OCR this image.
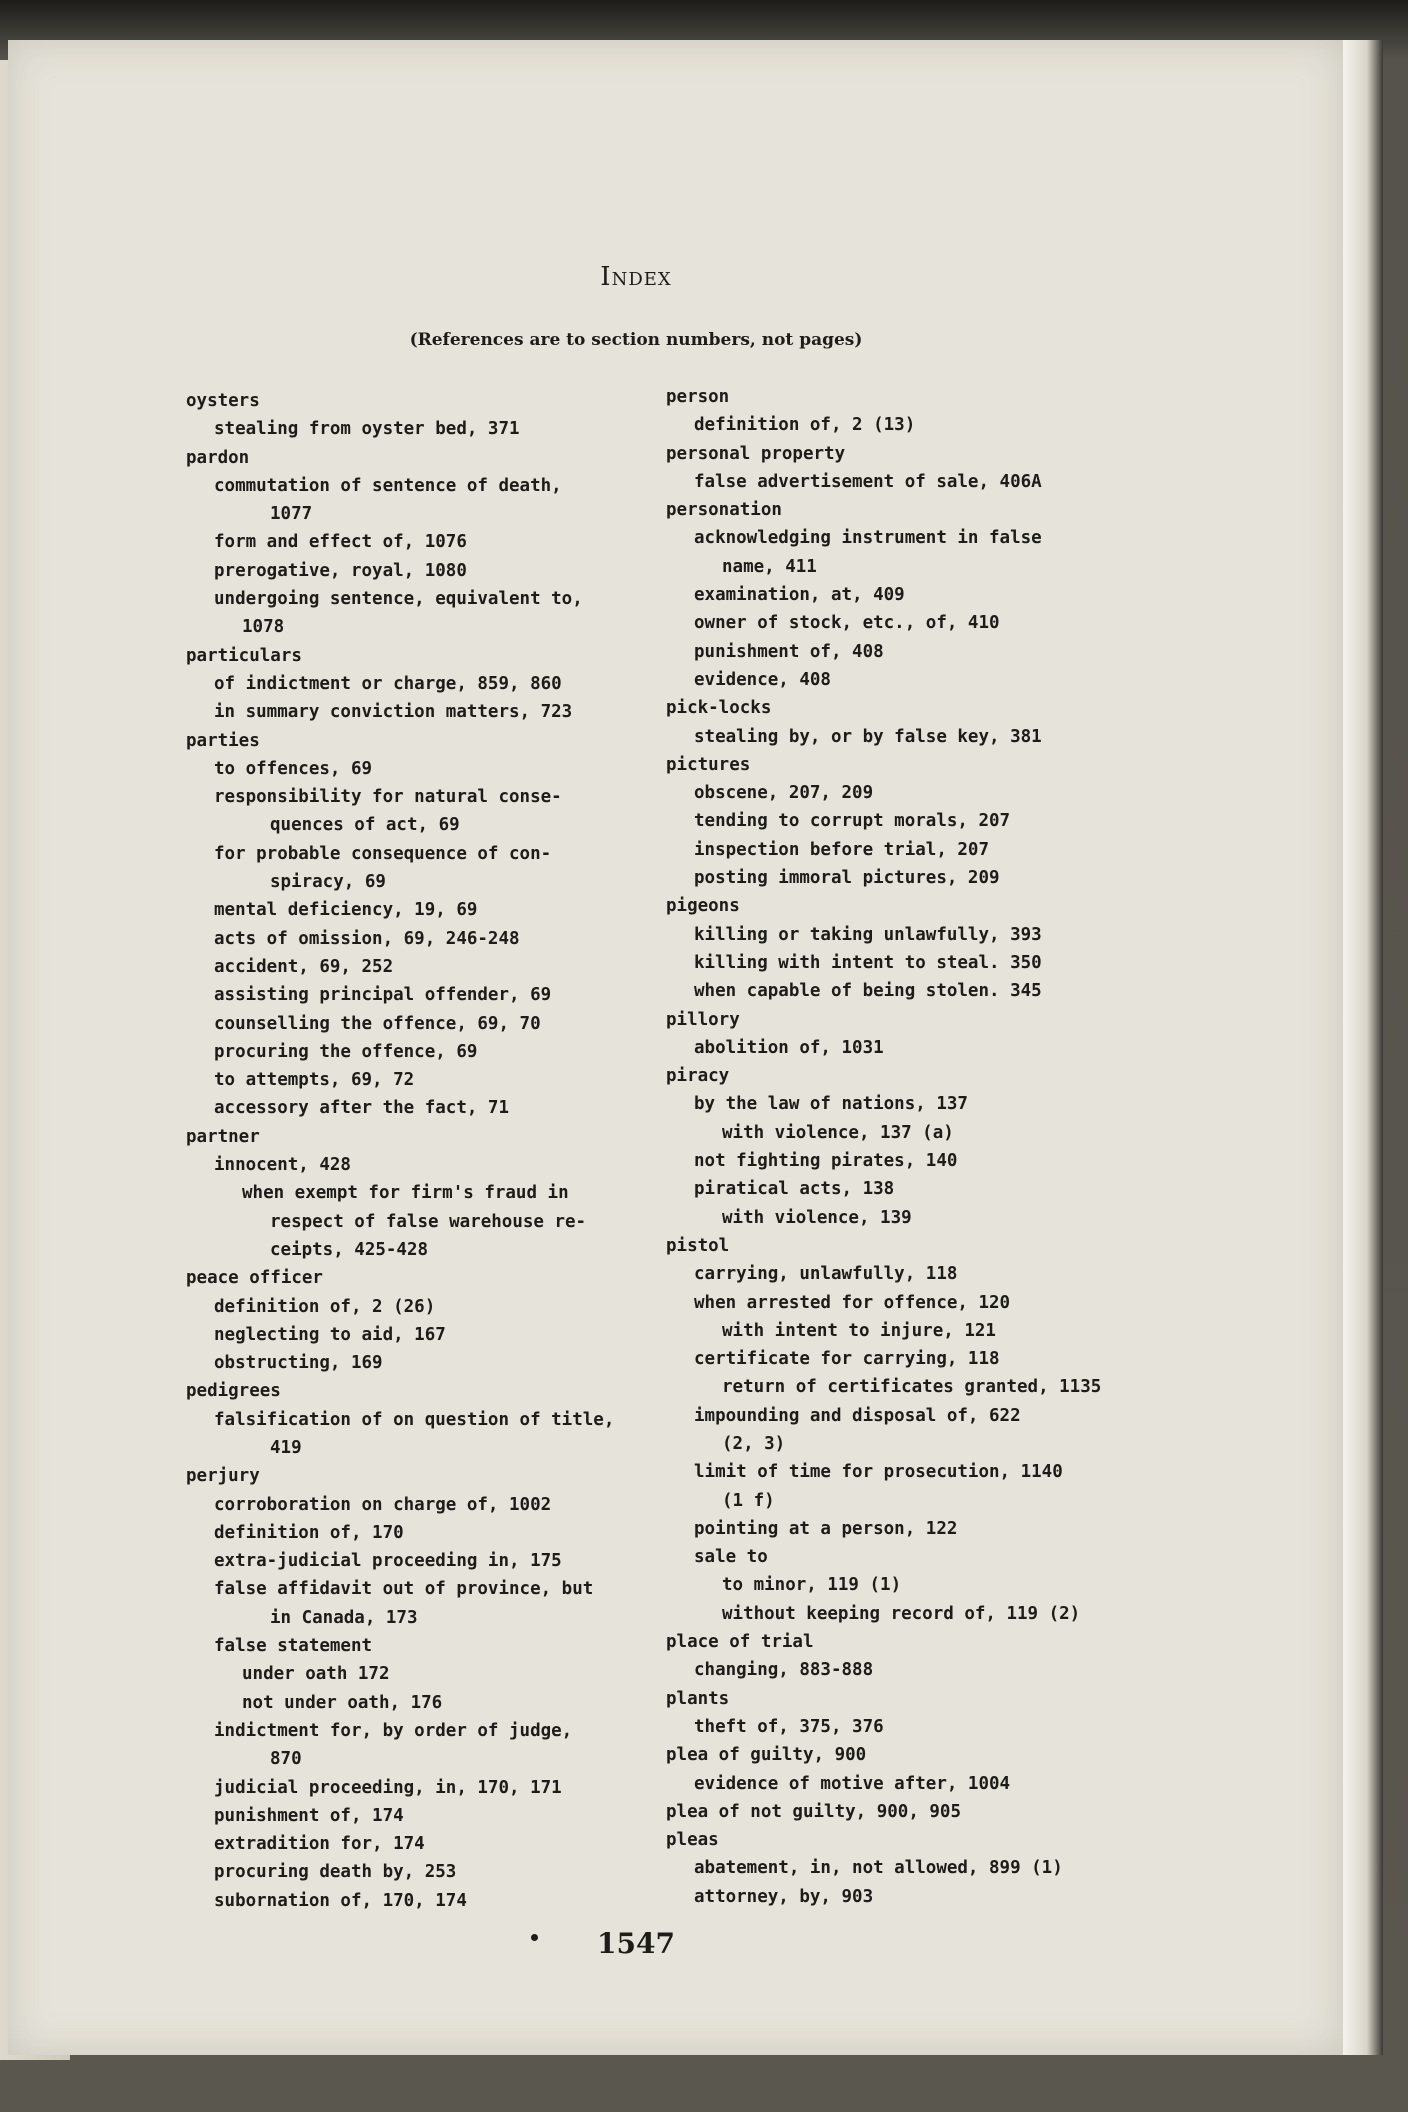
Index
(References are to section numbers, not pages)
oysters
stealing from oyster bed, 371
pardon
commutation of sentence of death,
1077
form and effect of, 1076
prerogative, royal, 1080
undergoing sentence, equivalent to,
1078
particulars
of indictment or charge, 859, 860
in summary conviction matters, 723
parties
to offences, 69
responsibility for natural conse-
quences of act, 69
for probable consequence of con-
spiracy, 69
mental deficiency, 19, 69
acts of omission, 69, 246-248
accident, 69, 252
assisting principal offender, 69
counselling the offence, 69, 70
procuring the offence, 69
to attempts, 69, 72
accessory after the fact, 71
partner
innocent, 428
when exempt for firm's fraud in
respect of false warehouse re-
ceipts, 425-428
peace officer
definition of, 2 (26)
neglecting to aid, 167
obstructing, 169
pedigrees
falsification of on question of title,
419
perjury
corroboration on charge of, 1002
definition of, 170
extra-judicial proceeding in, 175
false affidavit out of province, but
in Canada, 173
false statement
under oath 172
not under oath, 176
indictment for, by order of judge,
870
judicial proceeding, in, 170, 171
punishment of, 174
extradition for, 174
procuring death by, 253
subornation of, 170, 174
person
definition of, 2 (13)
personal property
false advertisement of sale, 406A
personation
acknowledging instrument in false
name, 411
examination, at, 409
owner of stock, etc., of, 410
punishment of, 408
evidence, 408
pick-locks
stealing by, or by false key, 381
pictures
obscene, 207, 209
tending to corrupt morals, 207
inspection before trial, 207
posting immoral pictures, 209
pigeons
killing or taking unlawfully, 393
killing with intent to steal. 350
when capable of being stolen. 345
pillory
abolition of, 1031
piracy
by the law of nations, 137
with violence, 137 (a)
not fighting pirates, 140
piratical acts, 138
with violence, 139
pistol
carrying, unlawfully, 118
when arrested for offence, 120
with intent to injure, 121
certificate for carrying, 118
return of certificates granted, 1135
impounding and disposal of, 622
(2, 3)
limit of time for prosecution, 1140
(1 f)
pointing at a person, 122
sale to
to minor, 119 (1)
without keeping record of, 119 (2)
place of trial
changing, 883-888
plants
theft of, 375, 376
plea of guilty, 900
evidence of motive after, 1004
plea of not guilty, 900, 905
pleas
abatement, in, not allowed, 899 (1)
attorney, by, 903
1547
